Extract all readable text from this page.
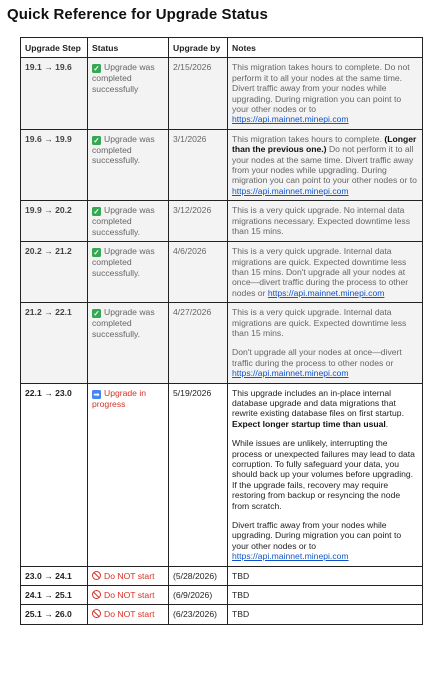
Quick Reference for Upgrade Status
Upgrade Step	Status	Upgrade by	Notes
19.1 → 19.6	✓ Upgrade was completed successfully	2/15/2026	This migration takes hours to complete. Do not perform it to all your nodes at the same time. Divert traffic away from your nodes while upgrading. During migration you can point to your other nodes or to https://api.mainnet.minepi.com
19.6 → 19.9	✓ Upgrade was completed successfully.	3/1/2026	This migration takes hours to complete. (Longer than the previous one.) Do not perform it to all your nodes at the same time. Divert traffic away from your nodes while upgrading. During migration you can point to your other nodes or to https://api.mainnet.minepi.com
19.9 → 20.2	✓ Upgrade was completed successfully.	3/12/2026	This is a very quick upgrade. No internal data migrations necessary. Expected downtime less than 15 mins.
20.2 → 21.2	✓ Upgrade was completed successfully.	4/6/2026	This is a very quick upgrade. Internal data migrations are quick. Expected downtime less than 15 mins. Don't upgrade all your nodes at once—divert traffic during the process to other nodes or https://api.mainnet.minepi.com
21.2 → 22.1	✓ Upgrade was completed successfully.	4/27/2026	This is a very quick upgrade. Internal data migrations are quick. Expected downtime less than 15 mins.
Don't upgrade all your nodes at once—divert traffic during the process to other nodes or https://api.mainnet.minepi.com
22.1 → 23.0	➡ Upgrade in progress	5/19/2026	This upgrade includes an in-place internal database upgrade and data migrations that rewrite existing database files on first startup. Expect longer startup time than usual.
While issues are unlikely, interrupting the process or unexpected failures may lead to data corruption. To fully safeguard your data, you should back up your volumes before upgrading. If the upgrade fails, recovery may require restoring from backup or resyncing the node from scratch.
Divert traffic away from your nodes while upgrading. During migration you can point to your other nodes or to https://api.mainnet.minepi.com
23.0 → 24.1	Do NOT start	(5/28/2026)	TBD
24.1 → 25.1	Do NOT start	(6/9/2026)	TBD
25.1 → 26.0	Do NOT start	(6/23/2026)	TBD
